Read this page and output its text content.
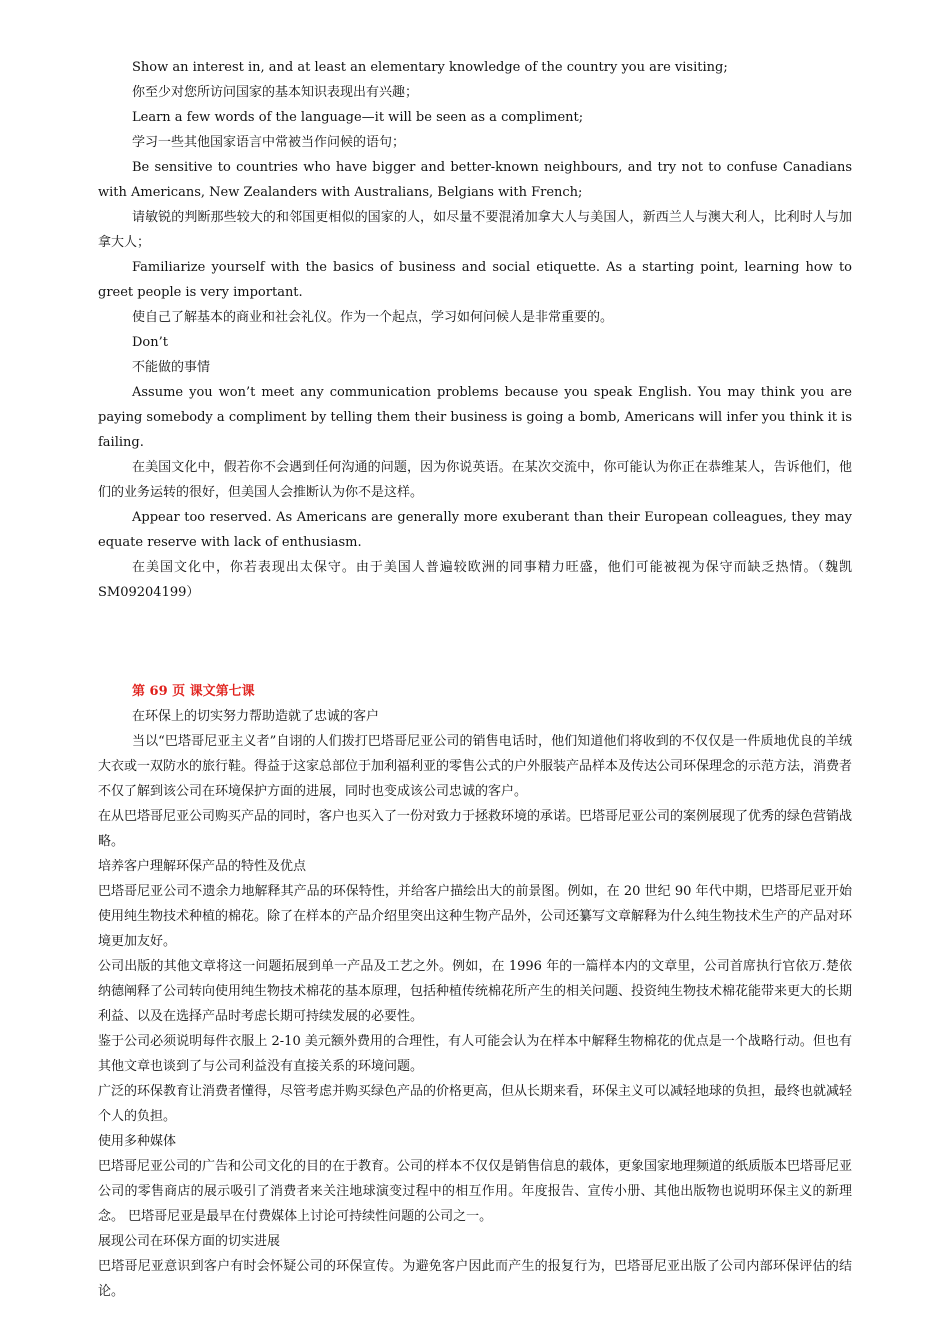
Show an interest in, and at least an elementary knowledge of the country you are visiting;

你至少对您所访问国家的基本知识表现出有兴趣；

Learn a few words of the language—it will be seen as a compliment;

学习一些其他国家语言中常被当作问候的语句；

Be sensitive to countries who have bigger and better-known neighbours, and try not to confuse Canadians with Americans, New Zealanders with Australians, Belgians with French;

请敏锐的判断那些较大的和邻国更相似的国家的人，如尽量不要混淆加拿大人与美国人，新西兰人与澳大利人，比利时人与加拿大人；

Familiarize yourself with the basics of business and social etiquette. As a starting point, learning how to greet people is very important.

使自己了解基本的商业和社会礼仪。作为一个起点，学习如何问候人是非常重要的。

Don’t

不能做的事情

Assume you won’t meet any communication problems because you speak English. You may think you are paying somebody a compliment by telling them their business is going a bomb, Americans will infer you think it is failing.

在美国文化中，假若你不会遇到任何沟通的问题，因为你说英语。在某次交流中，你可能认为你正在恭维某人，告诉他们，他们的业务运转的很好，但美国人会推断认为你不是这样。

Appear too reserved. As Americans are generally more exuberant than their European colleagues, they may equate reserve with lack of enthusiasm.

在美国文化中，你若表现出太保守。由于美国人普遍较欧洲的同事精力旺盛，他们可能被视为保守而缺乏热情。（魏凯SM09204199）

第 69 页 课文第七课

在环保上的切实努力帮助造就了忠诚的客户

当以“巴塔哥尼亚主义者”自诩的人们拨打巴塔哥尼亚公司的销售电话时，他们知道他们将收到的不仅仅是一件质地优良的羊绒大衣或一双防水的旅行鞋。得益于这家总部位于加利福利亚的零售公式的户外服装产品样本及传达公司环保理念的示范方法，消费者不仅了解到该公司在环境保护方面的进展，同时也变成该公司忠诚的客户。

在从巴塔哥尼亚公司购买产品的同时，客户也买入了一份对致力于拯救环境的承诺。巴塔哥尼亚公司的案例展现了优秀的绿色营销战略。

培养客户理解环保产品的特性及优点

巴塔哥尼亚公司不遗余力地解释其产品的环保特性，并给客户描绘出大的前景图。例如，在 20 世纪 90 年代中期，巴塔哥尼亚开始使用纯生物技术种植的棉花。除了在样本的产品介绍里突出这种生物产品外，公司还纂写文章解释为什么纯生物技术生产的产品对环境更加友好。

公司出版的其他文章将这一问题拓展到单一产品及工艺之外。例如，在 1996 年的一篇样本内的文章里，公司首席执行官依万.楚依纳德阐释了公司转向使用纯生物技术棉花的基本原理，包括种植传统棉花所产生的相关问题、投资纯生物技术棉花能带来更大的长期利益、以及在选择产品时考虑长期可持续发展的必要性。

鉴于公司必须说明每件衣服上 2-10 美元额外费用的合理性，有人可能会认为在样本中解释生物棉花的优点是一个战略行动。但也有其他文章也谈到了与公司利益没有直接关系的环境问题。

广泛的环保教育让消费者懂得，尽管考虑并购买绿色产品的价格更高，但从长期来看，环保主义可以减轻地球的负担，最终也就减轻个人的负担。

使用多种媒体

巴塔哥尼亚公司的广告和公司文化的目的在于教育。公司的样本不仅仅是销售信息的载体，更象国家地理频道的纸质版本巴塔哥尼亚公司的零售商店的展示吸引了消费者来关注地球演变过程中的相互作用。年度报告、宣传小册、其他出版物也说明环保主义的新理念。 巴塔哥尼亚是最早在付费媒体上讨论可持续性问题的公司之一。

展现公司在环保方面的切实进展

巴塔哥尼亚意识到客户有时会怀疑公司的环保宣传。为避免客户因此而产生的报复行为，巴塔哥尼亚出版了公司内部环保评估的结论。
